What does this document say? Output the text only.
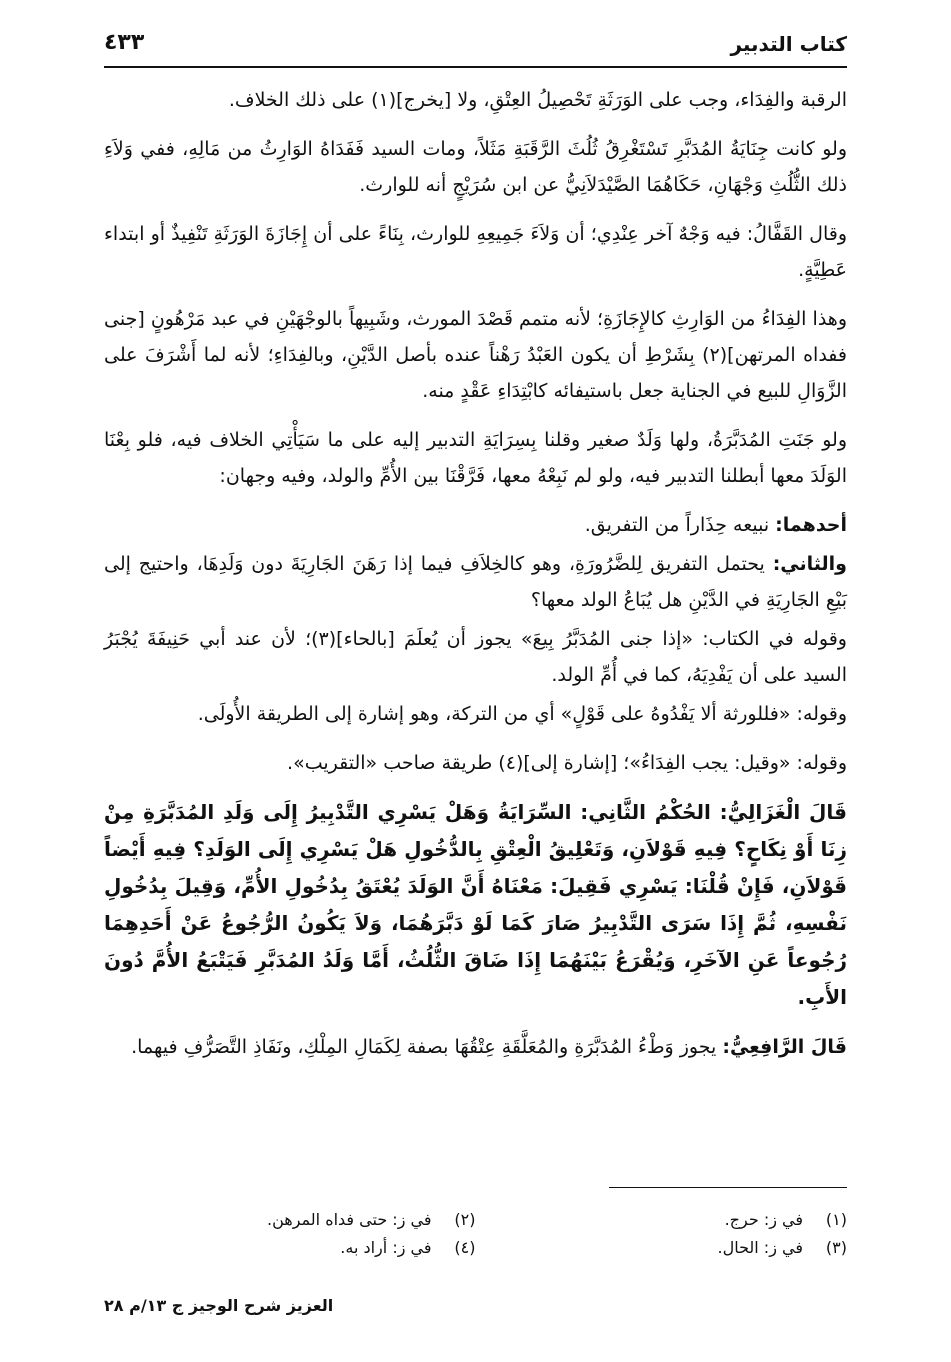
كتاب التدبير
٤٣٣

الرقبة والفِدَاء، وجب على الوَرَثَةِ تَحْصِيلُ العِتْقِ، ولا [يخرج](١) على ذلك الخلاف.

ولو كانت جِنَايَةُ المُدَبَّرِ تَسْتَغْرِقُ ثُلُثَ الرَّقَبَةِ مَثَلاً، ومات السيد فَفَدَاهُ الوَارِثُ من مَالِهِ، ففي وَلاَءِ ذلك الثُّلُثِ وَجْهَانِ، حَكَاهُمَا الصَّيْدَلاَنِيُّ عن ابن سُرَيْجٍ أنه للوارث.

وقال القَفَّالُ: فيه وَجْهٌ آخر عِنْدِي؛ أن وَلاَءَ جَمِيعِهِ للوارث، بِنَاءً على أن إِجَازَةَ الوَرَثَةِ تَنْفِيذٌ أو ابتداء عَطِيَّةٍ.

وهذا الفِدَاءُ من الوَارِثِ كالإِجَازَةِ؛ لأنه متمم قَصْدَ المورث، وشَبِيهاً بالوجْهَيْنِ في عبد مَرْهُونٍ [جنى ففداه المرتهن](٢) بِشَرْطِ أن يكون العَبْدُ رَهْناً عنده بأصل الدَّيْنِ، وبالفِدَاءِ؛ لأنه لما أَشْرَفَ على الزَّوَالِ للبيع في الجناية جعل باستيفائه كابْتِدَاءِ عَقْدٍ منه.

ولو جَنَتِ المُدَبَّرَةُ، ولها وَلَدٌ صغير وقلنا بِسِرَايَةِ التدبير إليه على ما سَيَأْتِي الخلاف فيه، فلو بِعْنَا الوَلَدَ معها أبطلنا التدبير فيه، ولو لم نَبِعْهُ معها، فَرَّقْنَا بين الأُمِّ والولد، وفيه وجهان:

أحدهما: نبيعه حِذَاراً من التفريق.

والثاني: يحتمل التفريق لِلضَّرُورَةِ، وهو كالخِلاَفِ فيما إذا رَهَنَ الجَارِيَةَ دون وَلَدِهَا، واحتيج إلى بَيْعِ الجَارِيَةِ في الدَّيْنِ هل يُبَاعُ الولد معها؟

وقوله في الكتاب: «إذا جنى المُدَبَّرُ بِيعَ» يجوز أن يُعلَمَ [بالحاء](٣)؛ لأن عند أبي حَنِيفَةَ يُجْبَرُ السيد على أن يَفْدِيَهُ، كما في أُمِّ الولد.

وقوله: «فللورثة ألا يَفْدُوهُ على قَوْلٍ» أي من التركة، وهو إشارة إلى الطريقة الأُولَى.

وقوله: «وقيل: يجب الفِدَاءُ»؛ [إشارة إلى](٤) طريقة صاحب «التقريب».

قَالَ الْغَزَالِيُّ: الحُكْمُ الثَّانِي: السِّرَايَةُ وَهَلْ يَسْرِي التَّدْبِيرُ إِلَى وَلَدِ المُدَبَّرَةِ مِنْ زِنَا أَوْ نِكَاحٍ؟ فِيهِ قَوْلاَنِ، وَتَعْلِيقُ الْعِتْقِ بِالدُّخُولِ هَلْ يَسْرِي إِلَى الوَلَدِ؟ فِيهِ أَيْضاً قَوْلاَنِ، فَإِنْ قُلْنَا: يَسْرِي فَقِيلَ: مَعْنَاهُ أَنَّ الوَلَدَ يُعْتَقُ بِدُخُولِ الأُمِّ، وَقِيلَ بِدُخُولِ نَفْسِهِ، ثُمَّ إِذَا سَرَى التَّدْبِيرُ صَارَ كَمَا لَوْ دَبَّرَهُمَا، وَلاَ يَكُونُ الرُّجُوعُ عَنْ أَحَدِهِمَا رُجُوعاً عَنِ الآخَرِ، وَيُقْرَعُ بَيْنَهُمَا إِذَا ضَاقَ الثُّلُثُ، أَمَّا وَلَدُ المُدَبَّرِ فَيَتْبَعُ الأُمَّ دُونَ الأَبِ.

قَالَ الرَّافِعِيُّ: يجوز وَطْءُ المُدَبَّرَةِ والمُعَلَّقَةِ عِتْقُهَا بصفة لِكَمَالِ المِلْكِ، ونَفَاذِ التَّصَرُّفِ فيهما.

(١)في ز: حرج.
(٢)في ز: حتى فداه المرهن.
(٣)في ز: الحال.
(٤)في ز: أراد به.
العزيز شرح الوجيز ج ١٣/م ٢٨
